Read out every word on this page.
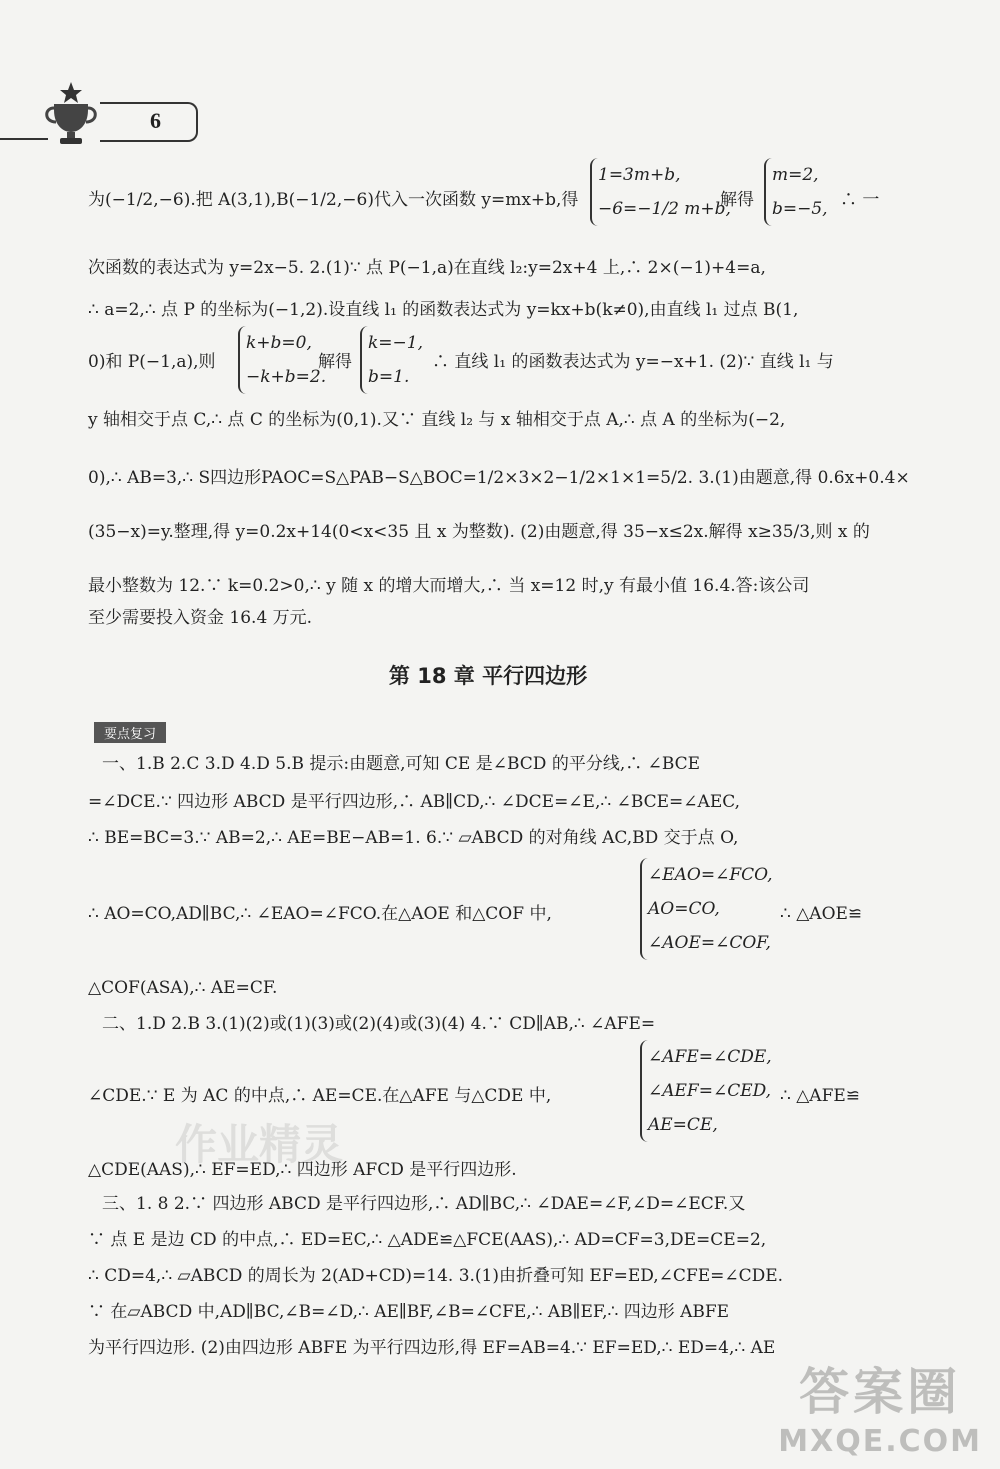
6
为(−1/2,−6).把 A(3,1),B(−1/2,−6)代入一次函数 y=mx+b,得
1=3m+b,
−6=−1/2 m+b,
解得
m=2,
b=−5, ∴ 一
次函数的表达式为 y=2x−5. 2.(1)∵ 点 P(−1,a)在直线 l₂:y=2x+4 上,∴ 2×(−1)+4=a,
∴ a=2,∴ 点 P 的坐标为(−1,2).设直线 l₁ 的函数表达式为 y=kx+b(k≠0),由直线 l₁ 过点 B(1,
0)和 P(−1,a),则
k+b=0,
−k+b=2.
解得
k=−1,
b=1.
∴ 直线 l₁ 的函数表达式为 y=−x+1. (2)∵ 直线 l₁ 与
y 轴相交于点 C,∴ 点 C 的坐标为(0,1).又∵ 直线 l₂ 与 x 轴相交于点 A,∴ 点 A 的坐标为(−2,
0),∴ AB=3,∴ S四边形PAOC=S△PAB−S△BOC=1/2×3×2−1/2×1×1=5/2. 3.(1)由题意,得 0.6x+0.4×
(35−x)=y.整理,得 y=0.2x+14(0<x<35 且 x 为整数). (2)由题意,得 35−x≤2x.解得 x≥35/3,则 x 的
最小整数为 12.∵ k=0.2>0,∴ y 随 x 的增大而增大,∴ 当 x=12 时,y 有最小值 16.4.答:该公司
至少需要投入资金 16.4 万元.
第 18 章 平行四边形
要点复习
一、1.B 2.C 3.D 4.D 5.B 提示:由题意,可知 CE 是∠BCD 的平分线,∴ ∠BCE
=∠DCE.∵ 四边形 ABCD 是平行四边形,∴ AB∥CD,∴ ∠DCE=∠E,∴ ∠BCE=∠AEC,
∴ BE=BC=3.∵ AB=2,∴ AE=BE−AB=1. 6.∵ ▱ABCD 的对角线 AC,BD 交于点 O,
∴ AO=CO,AD∥BC,∴ ∠EAO=∠FCO.在△AOE 和△COF 中,
∠EAO=∠FCO,
AO=CO,
∠AOE=∠COF,
∴ △AOE≌
△COF(ASA),∴ AE=CF.
二、1.D 2.B 3.(1)(2)或(1)(3)或(2)(4)或(3)(4) 4.∵ CD∥AB,∴ ∠AFE=
∠CDE.∵ E 为 AC 的中点,∴ AE=CE.在△AFE 与△CDE 中,
∠AFE=∠CDE,
∠AEF=∠CED,
AE=CE,
∴ △AFE≌
△CDE(AAS),∴ EF=ED,∴ 四边形 AFCD 是平行四边形.
三、1. 8 2.∵ 四边形 ABCD 是平行四边形,∴ AD∥BC,∴ ∠DAE=∠F,∠D=∠ECF.又
∵ 点 E 是边 CD 的中点,∴ ED=EC,∴ △ADE≌△FCE(AAS),∴ AD=CF=3,DE=CE=2,
∴ CD=4,∴ ▱ABCD 的周长为 2(AD+CD)=14. 3.(1)由折叠可知 EF=ED,∠CFE=∠CDE.
∵ 在▱ABCD 中,AD∥BC,∠B=∠D,∴ AE∥BF,∠B=∠CFE,∴ AB∥EF,∴ 四边形 ABFE
为平行四边形. (2)由四边形 ABFE 为平行四边形,得 EF=AB=4.∵ EF=ED,∴ ED=4,∴ AE
作业精灵
答案圈
MXQE.COM
